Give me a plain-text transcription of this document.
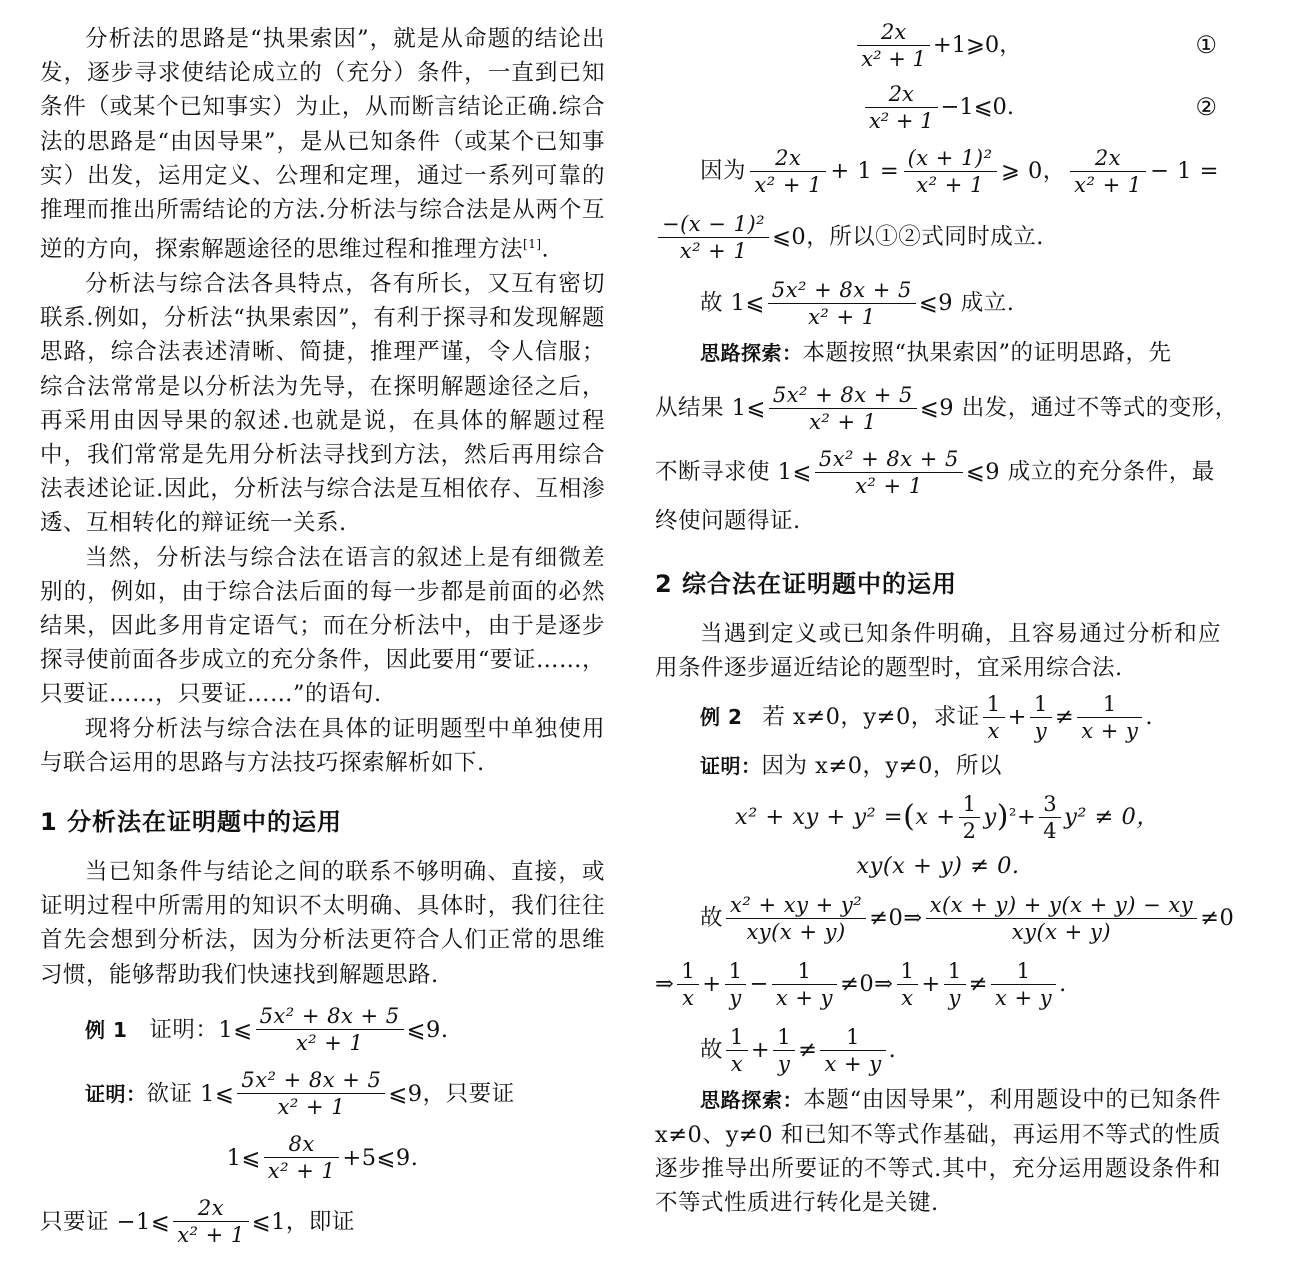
分析法的思路是“执果索因”，就是从命题的结论出发，逐步寻求使结论成立的（充分）条件，一直到已知条件（或某个已知事实）为止，从而断言结论正确.综合法的思路是“由因导果”，是从已知条件（或某个已知事实）出发，运用定义、公理和定理，通过一系列可靠的推理而推出所需结论的方法.分析法与综合法是从两个互逆的方向，探索解题途径的思维过程和推理方法[1].

分析法与综合法各具特点，各有所长，又互有密切联系.例如，分析法“执果索因”，有利于探寻和发现解题思路，综合法表述清晰、简捷，推理严谨，令人信服；综合法常常是以分析法为先导，在探明解题途径之后，再采用由因导果的叙述.也就是说，在具体的解题过程中，我们常常是先用分析法寻找到方法，然后再用综合法表述论证.因此，分析法与综合法是互相依存、互相渗透、互相转化的辩证统一关系.

当然，分析法与综合法在语言的叙述上是有细微差别的，例如，由于综合法后面的每一步都是前面的必然结果，因此多用肯定语气；而在分析法中，由于是逐步探寻使前面各步成立的充分条件，因此要用“要证……，只要证……，只要证……”的语句.

现将分析法与综合法在具体的证明题型中单独使用与联合运用的思路与方法技巧探索解析如下.

1 分析法在证明题中的运用

当已知条件与结论之间的联系不够明确、直接，或证明过程中所需用的知识不太明确、具体时，我们往往首先会想到分析法，因为分析法更符合人们正常的思维习惯，能够帮助我们快速找到解题思路.

例 1 证明：1⩽ $\frac{\text{5x² + 8x + 5}}{\text{x² + 1}}$ ⩽9.
证明： 欲证 1⩽ $\frac{\text{5x² + 8x + 5}}{\text{x² + 1}}$ ⩽9，只要证
1⩽ $\frac{8x}{\text{x² + 1}}$ +5⩽9.
只要证 −1⩽ $\frac{2x}{\text{x² + 1}}$ ⩽1，即证
$\frac{2x}{\text{x² + 1}}$ +1⩾0，	①
$\frac{2x}{\text{x² + 1}}$ −1⩽0.	②
因为 $\frac{2x}{\text{x² + 1}} + 1 = \frac{\text{(x + 1)²}}{\text{x² + 1}}$ ⩾ 0， $\frac{2x}{\text{x² + 1}} - 1$ =
$\frac{\text{−(x − 1)²}}{\text{x² + 1}}$ ⩽0，所以①②式同时成立.
故 1⩽ $\frac{\text{5x² + 8x + 5}}{\text{x² + 1}}$ ⩽9 成立.
思路探索：本题按照“执果索因”的证明思路，先
从结果 1⩽ $\frac{\text{5x² + 8x + 5}}{\text{x² + 1}}$ ⩽9 出发，通过不等式的变形，
不断寻求使 1⩽ $\frac{\text{5x² + 8x + 5}}{\text{x² + 1}}$ ⩽9 成立的充分条件，最
终使问题得证.
2 综合法在证明题中的运用

当遇到定义或已知条件明确，且容易通过分析和应用条件逐步逼近结论的题型时，宜采用综合法.

例 2 若 x≠0，y≠0，求证 $\frac{1}{x} + \frac{1}{y} \ne \frac{1}{x + y}$ .
证明：因为 x≠0，y≠0，所以
x² + xy + y² = ( $x + \frac{1}{2}$ y ) $^2 + \frac{3}{4} y^2 \ne 0$，
xy(x + y) ≠ 0.
故 $\frac{\text{x² + xy + y²}}{xy(x + y)}$ ≠0⇒ $\frac{x(x + y) + y(x + y) - xy}{xy(x + y)} \ne 0$
⇒ $\frac{1}{x} + \frac{1}{y} - \frac{1}{x + y}$ ≠0⇒ $\frac{1}{x} + \frac{1}{y} \ne \frac{1}{x + y}$ .
故 $\frac{1}{x} + \frac{1}{y} \ne \frac{1}{x + y}$ .

思路探索：本题“由因导果”，利用题设中的已知条件 x≠0、y≠0 和已知不等式作基础，再运用不等式的性质逐步推导出所要证的不等式.其中，充分运用题设条件和不等式性质进行转化是关键.
